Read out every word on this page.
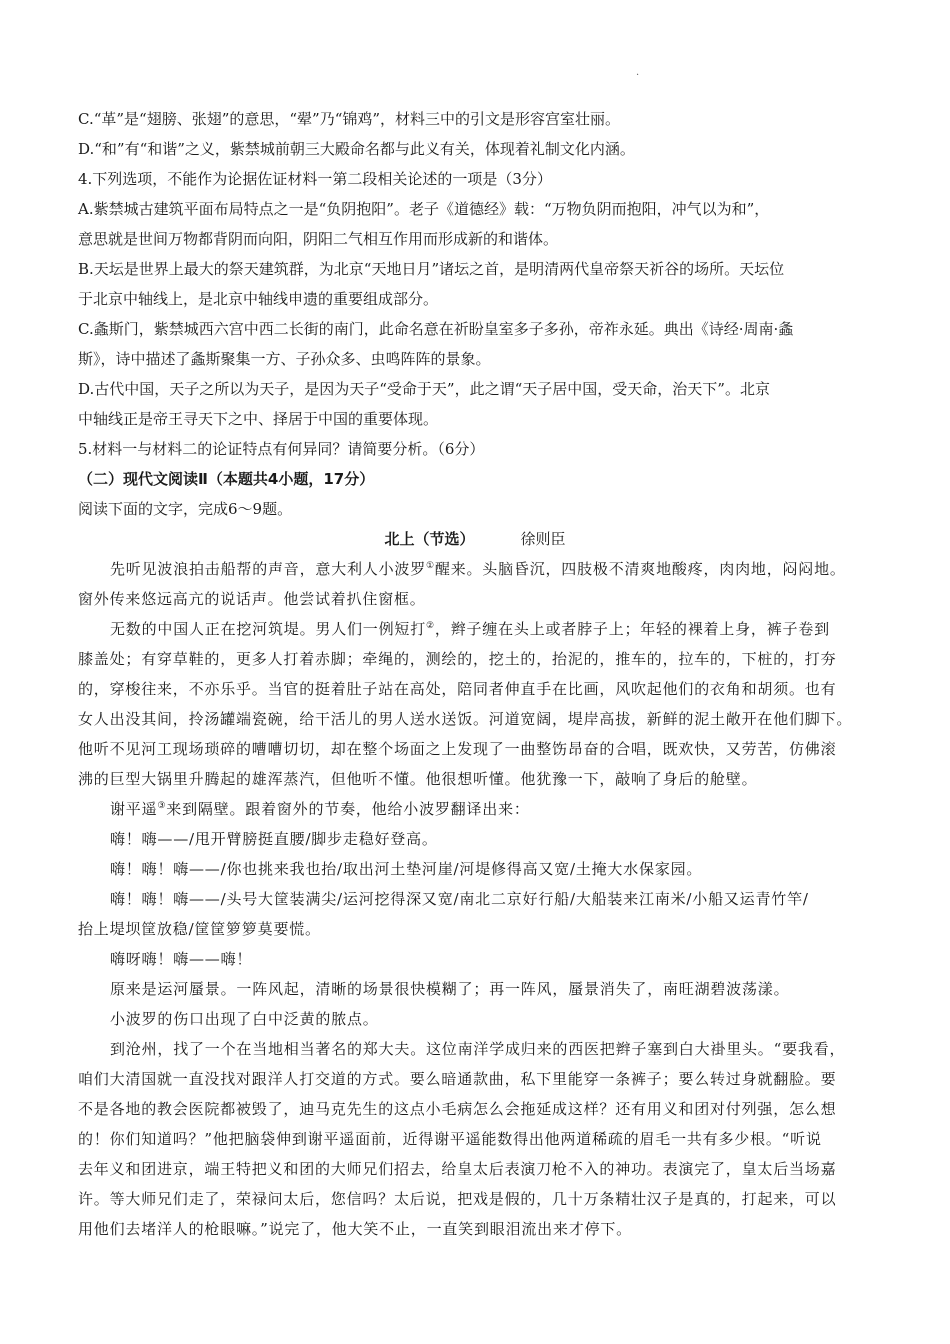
·
C.“革”是“翅膀、张翅”的意思，“翚”乃“锦鸡”，材料三中的引文是形容宫室壮丽。
D.“和”有“和谐”之义，紫禁城前朝三大殿命名都与此义有关，体现着礼制文化内涵。
4.下列选项，不能作为论据佐证材料一第二段相关论述的一项是（3分）
A.紫禁城古建筑平面布局特点之一是“负阴抱阳”。老子《道德经》载：“万物负阴而抱阳，冲气以为和”，
意思就是世间万物都背阴而向阳，阴阳二气相互作用而形成新的和谐体。
B.天坛是世界上最大的祭天建筑群，为北京“天地日月”诸坛之首，是明清两代皇帝祭天祈谷的场所。天坛位
于北京中轴线上，是北京中轴线申遗的重要组成部分。
C.螽斯门，紫禁城西六宫中西二长街的南门，此命名意在祈盼皇室多子多孙，帝祚永延。典出《诗经·周南·螽
斯》，诗中描述了螽斯聚集一方、子孙众多、虫鸣阵阵的景象。
D.古代中国，天子之所以为天子，是因为天子“受命于天”，此之谓“天子居中国，受天命，治天下”。北京
中轴线正是帝王寻天下之中、择居于中国的重要体现。
5.材料一与材料二的论证特点有何异同？请简要分析。（6分）
（二）现代文阅读Ⅱ（本题共4小题，17分）
阅读下面的文字，完成6～9题。
北上（节选）	徐则臣
先听见波浪拍击船帮的声音，意大利人小波罗①醒来。头脑昏沉，四肢极不清爽地酸疼，肉肉地，闷闷地。
窗外传来悠远高亢的说话声。他尝试着扒住窗框。
无数的中国人正在挖河筑堤。男人们一例短打②，辫子缠在头上或者脖子上；年轻的裸着上身，裤子卷到
膝盖处；有穿草鞋的，更多人打着赤脚；牵绳的，测绘的，挖土的，抬泥的，推车的，拉车的，下桩的，打夯
的，穿梭往来，不亦乐乎。当官的挺着肚子站在高处，陪同者伸直手在比画，风吹起他们的衣角和胡须。也有
女人出没其间，拎汤罐端瓷碗，给干活儿的男人送水送饭。河道宽阔，堤岸高拔，新鲜的泥土敞开在他们脚下。
他听不见河工现场琐碎的嘈嘈切切，却在整个场面之上发现了一曲整饬昂奋的合唱，既欢快，又劳苦，仿佛滚
沸的巨型大锅里升腾起的雄浑蒸汽，但他听不懂。他很想听懂。他犹豫一下，敲响了身后的舱壁。
谢平遥③来到隔壁。跟着窗外的节奏，他给小波罗翻译出来：
嗨！嗨——/甩开臂膀挺直腰/脚步走稳好登高。
嗨！嗨！嗨——/你也挑来我也抬/取出河土垫河崖/河堤修得高又宽/土掩大水保家园。
嗨！嗨！嗨——/头号大筐装满尖/运河挖得深又宽/南北二京好行船/大船装来江南米/小船又运青竹竿/
抬上堤坝筐放稳/筐筐箩箩莫要慌。
嗨呀嗨！嗨——嗨！
原来是运河蜃景。一阵风起，清晰的场景很快模糊了；再一阵风，蜃景消失了，南旺湖碧波荡漾。
小波罗的伤口出现了白中泛黄的脓点。
到沧州，找了一个在当地相当著名的郑大夫。这位南洋学成归来的西医把辫子塞到白大褂里头。“要我看，
咱们大清国就一直没找对跟洋人打交道的方式。要么暗通款曲，私下里能穿一条裤子；要么转过身就翻脸。要
不是各地的教会医院都被毁了，迪马克先生的这点小毛病怎么会拖延成这样？还有用义和团对付列强，怎么想
的！你们知道吗？”他把脑袋伸到谢平遥面前，近得谢平遥能数得出他两道稀疏的眉毛一共有多少根。“听说
去年义和团进京，端王特把义和团的大师兄们招去，给皇太后表演刀枪不入的神功。表演完了，皇太后当场嘉
许。等大师兄们走了，荣禄问太后，您信吗？太后说，把戏是假的，几十万条精壮汉子是真的，打起来，可以
用他们去堵洋人的枪眼嘛。”说完了，他大笑不止，一直笑到眼泪流出来才停下。
